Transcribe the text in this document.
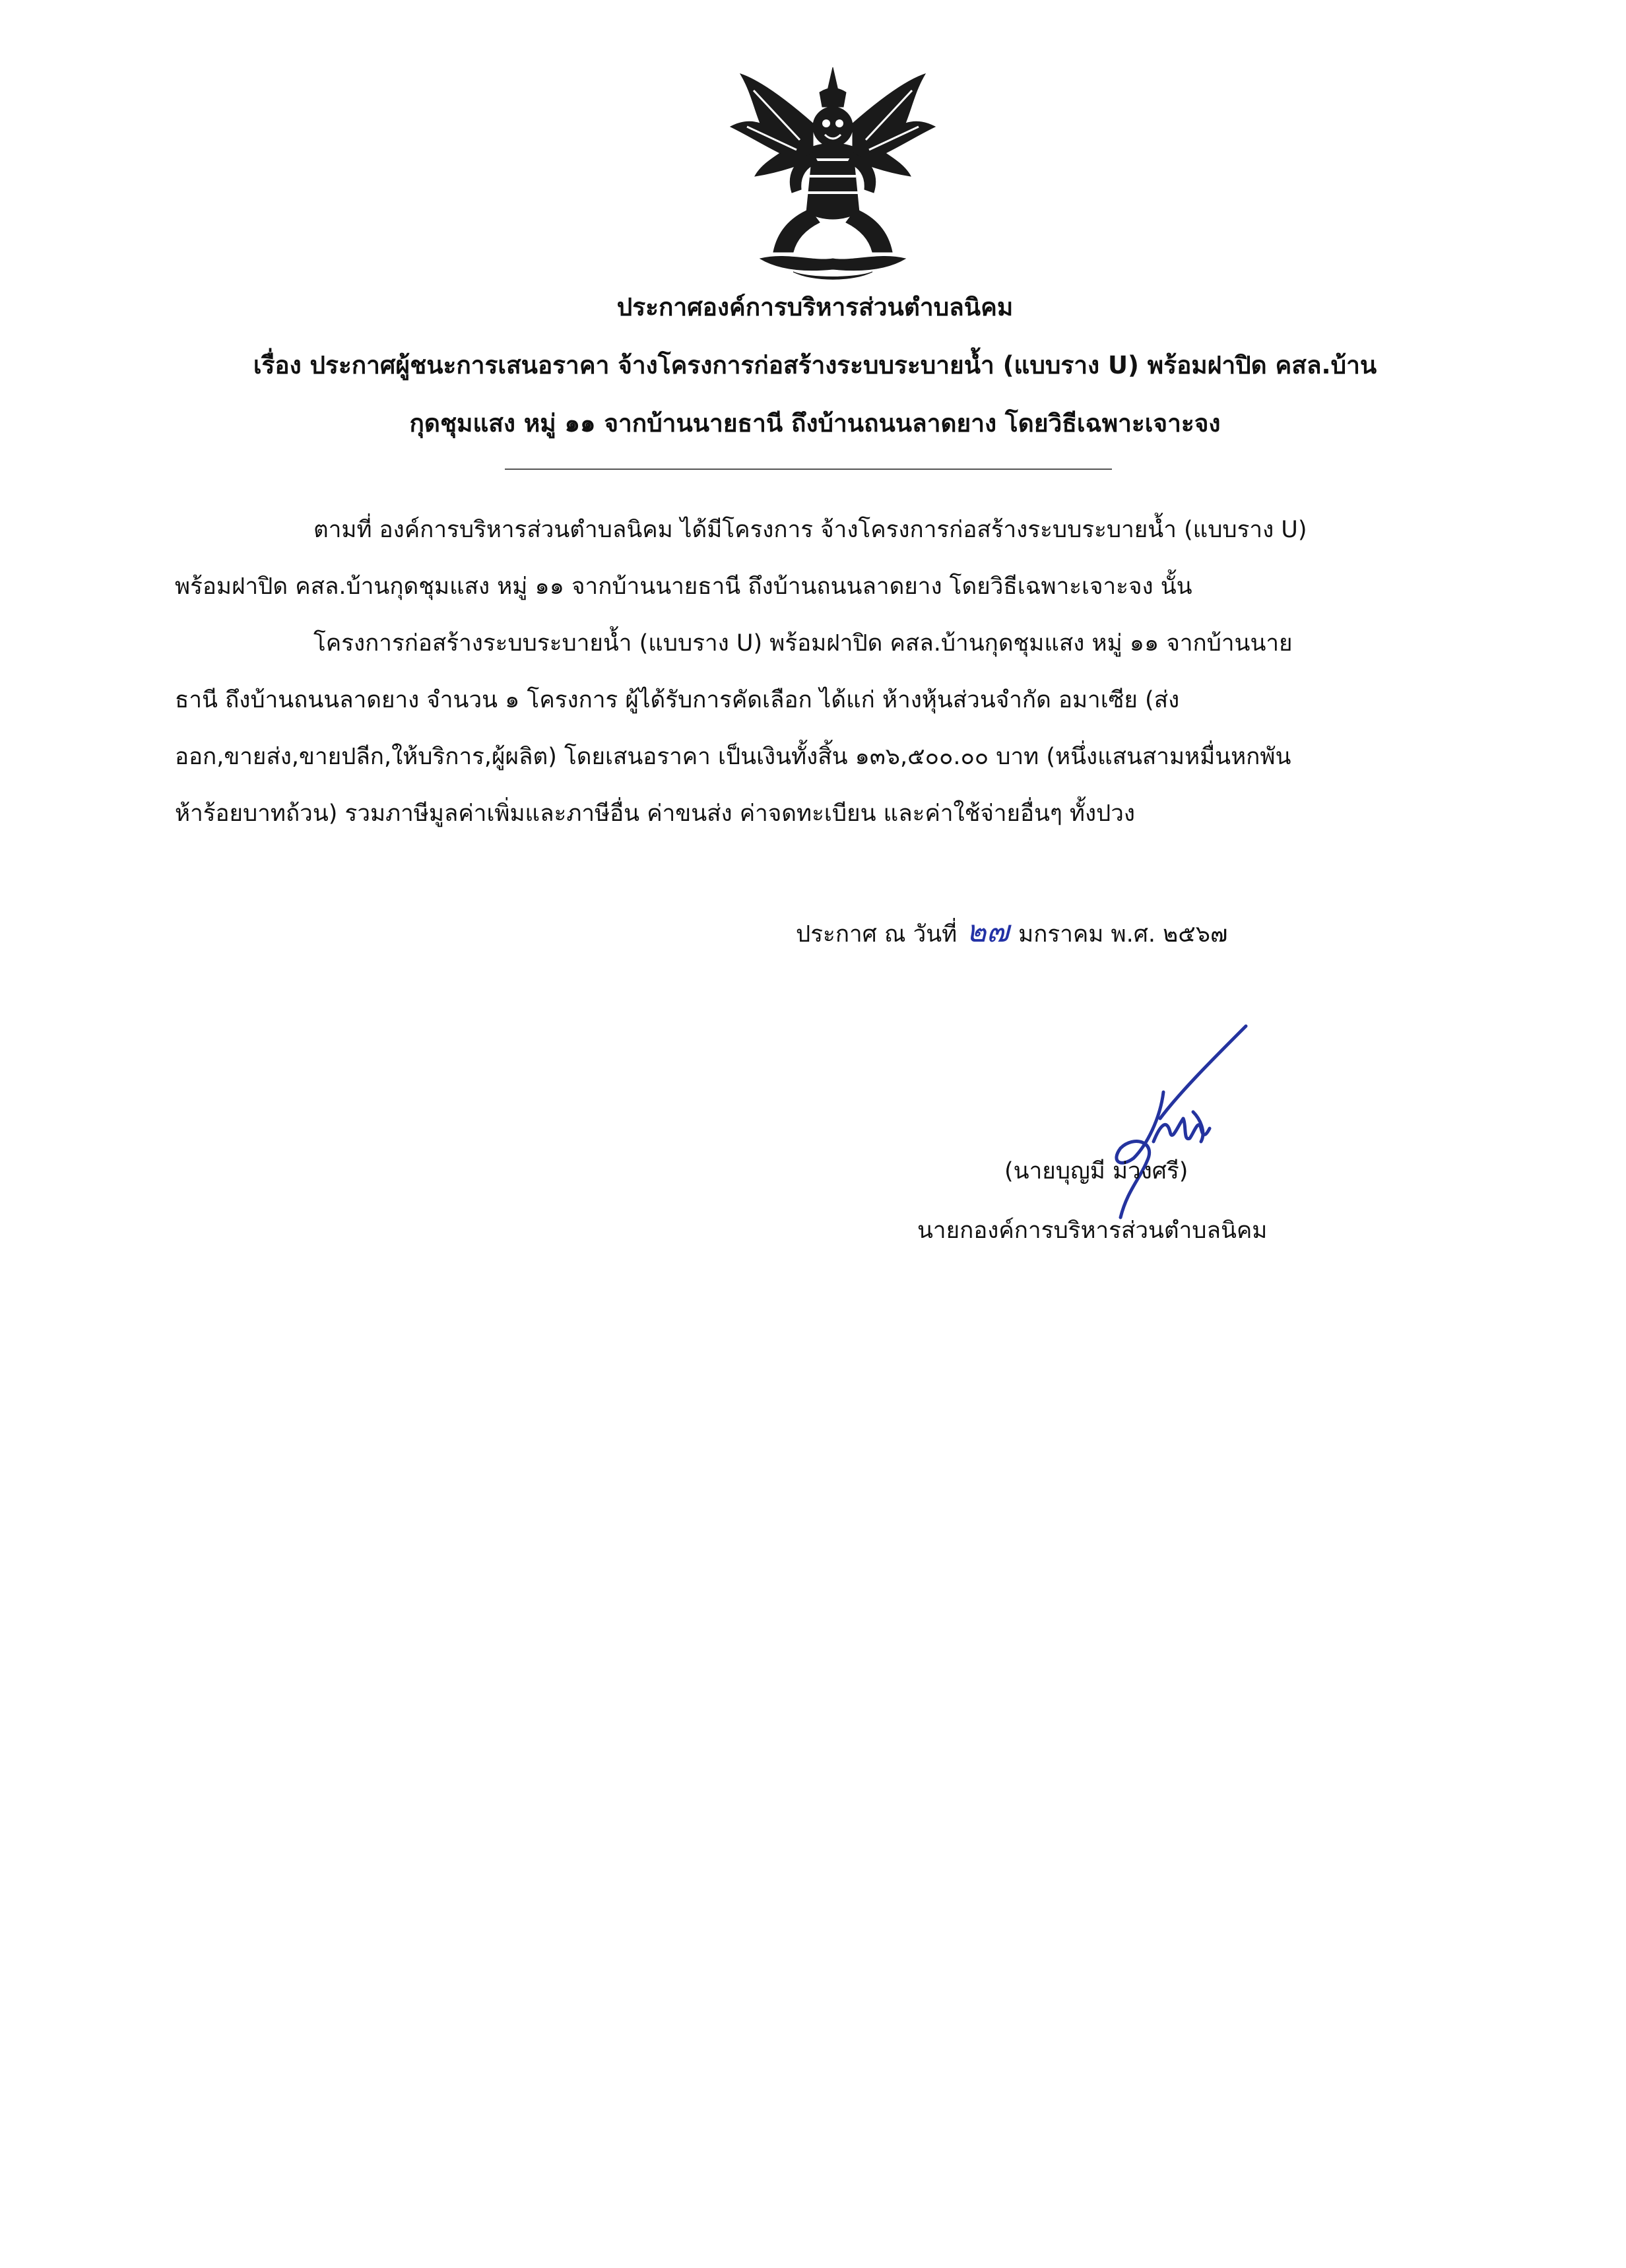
ประกาศองค์การบริหารส่วนตำบลนิคม
เรื่อง ประกาศผู้ชนะการเสนอราคา จ้างโครงการก่อสร้างระบบระบายน้ำ (แบบราง U) พร้อมฝาปิด คสล.บ้าน
กุดชุมแสง หมู่ ๑๑ จากบ้านนายธานี ถึงบ้านถนนลาดยาง โดยวิธีเฉพาะเจาะจง
ตามที่ องค์การบริหารส่วนตำบลนิคม ได้มีโครงการ จ้างโครงการก่อสร้างระบบระบายน้ำ (แบบราง U)
พร้อมฝาปิด คสล.บ้านกุดชุมแสง หมู่ ๑๑ จากบ้านนายธานี ถึงบ้านถนนลาดยาง โดยวิธีเฉพาะเจาะจง นั้น
โครงการก่อสร้างระบบระบายน้ำ (แบบราง U) พร้อมฝาปิด คสล.บ้านกุดชุมแสง หมู่ ๑๑ จากบ้านนาย
ธานี ถึงบ้านถนนลาดยาง จำนวน ๑ โครงการ ผู้ได้รับการคัดเลือก ได้แก่ ห้างหุ้นส่วนจำกัด อมาเซีย (ส่ง
ออก,ขายส่ง,ขายปลีก,ให้บริการ,ผู้ผลิต) โดยเสนอราคา เป็นเงินทั้งสิ้น ๑๓๖,๕๐๐.๐๐ บาท (หนึ่งแสนสามหมื่นหกพัน
ห้าร้อยบาทถ้วน) รวมภาษีมูลค่าเพิ่มและภาษีอื่น ค่าขนส่ง ค่าจดทะเบียน และค่าใช้จ่ายอื่นๆ ทั้งปวง
ประกาศ ณ วันที่ ๒๗ มกราคม พ.ศ. ๒๕๖๗
(นายบุญมี ม่วงศรี)
นายกองค์การบริหารส่วนตำบลนิคม
